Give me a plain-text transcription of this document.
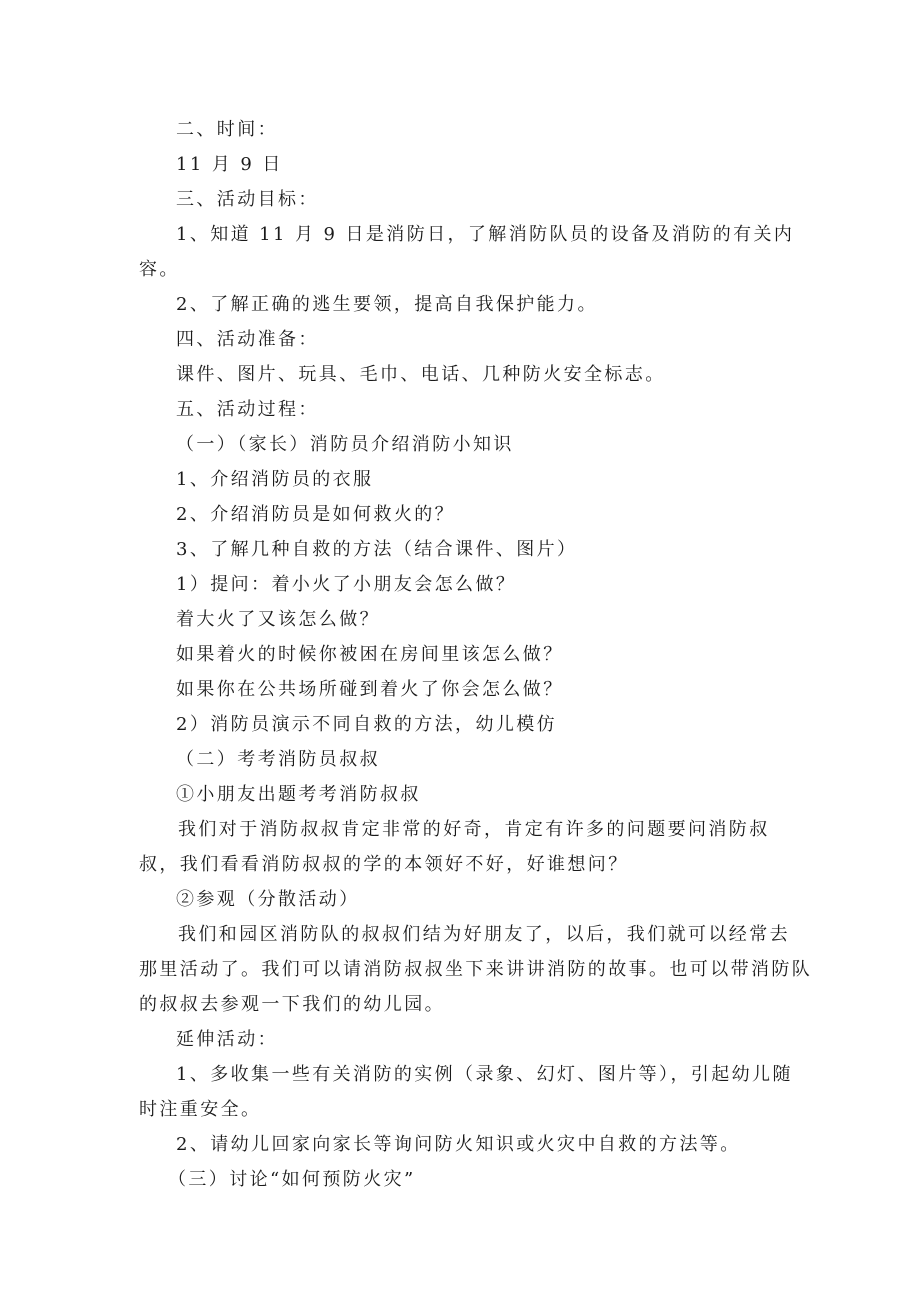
二、时间：
11 月 9 日
三、活动目标：
1、知道 11 月 9 日是消防日，了解消防队员的设备及消防的有关内
容。
2、了解正确的逃生要领，提高自我保护能力。
四、活动准备：
课件、图片、玩具、毛巾、电话、几种防火安全标志。
五、活动过程：
（一）（家长）消防员介绍消防小知识
1、介绍消防员的衣服
2、介绍消防员是如何救火的？
3、了解几种自救的方法（结合课件、图片）
1）提问：着小火了小朋友会怎么做？
着大火了又该怎么做？
如果着火的时候你被困在房间里该怎么做？
如果你在公共场所碰到着火了你会怎么做？
2）消防员演示不同自救的方法，幼儿模仿
（二）考考消防员叔叔
①小朋友出题考考消防叔叔
我们对于消防叔叔肯定非常的好奇，肯定有许多的问题要问消防叔
叔，我们看看消防叔叔的学的本领好不好，好谁想问？
②参观（分散活动）
我们和园区消防队的叔叔们结为好朋友了，以后，我们就可以经常去
那里活动了。我们可以请消防叔叔坐下来讲讲消防的故事。也可以带消防队
的叔叔去参观一下我们的幼儿园。
延伸活动：
1、多收集一些有关消防的实例（录象、幻灯、图片等），引起幼儿随
时注重安全。
2、请幼儿回家向家长等询问防火知识或火灾中自救的方法等。
（三）讨论“如何预防火灾”
